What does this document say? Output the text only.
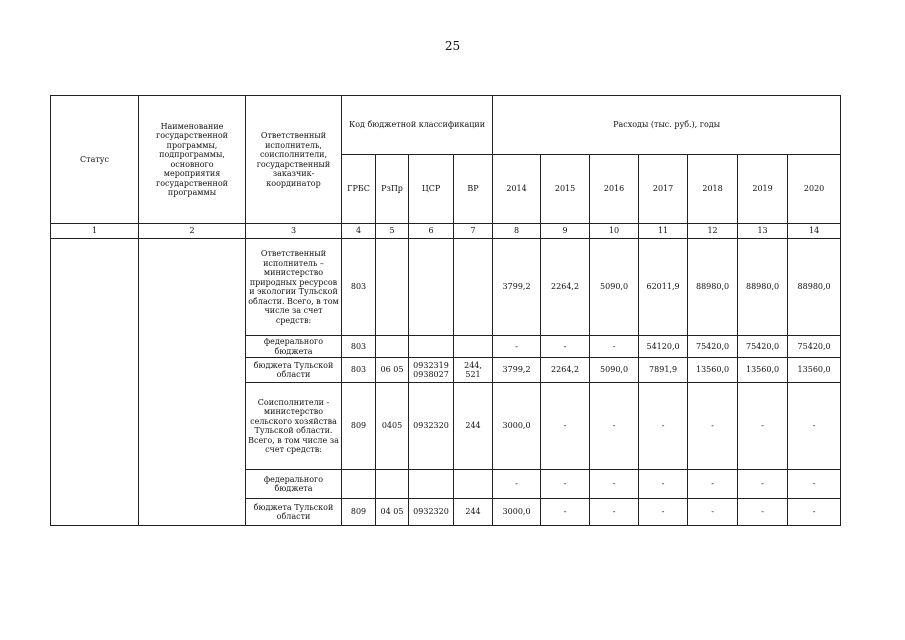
25
Статус	Наименование государственной программы, подпрограммы, основного мероприятия государственной программы	Ответственный исполнитель, соисполнители, государственный заказчик-координатор	Код бюджетной классификации				Расходы (тыс. руб.), годы						
			ГРБС	РзПр	ЦСР	ВР	2014	2015	2016	2017	2018	2019	2020
1	2	3	4	5	6	7	8	9	10	11	12	13	14
		Ответственный исполнитель – министерство природных ресурсов и экологии Тульской области. Всего, в том числе за счет средств:	803				3799,2	2264,2	5090,0	62011,9	88980,0	88980,0	88980,0
		федерального бюджета	803				-	-	-	54120,0	75420,0	75420,0	75420,0
		бюджета Тульской области	803	06 05	0932319 0938027	244, 521	3799,2	2264,2	5090,0	7891,9	13560,0	13560,0	13560,0
		Соисполнители - министерство сельского хозяйства Тульской области. Всего, в том числе за счет средств:	809	0405	0932320	244	3000,0	-	-	-	-	-	-
		федерального бюджета					-	-	-	-	-	-	-
		бюджета Тульской области	809	04 05	0932320	244	3000,0	-	-	-	-	-	-
